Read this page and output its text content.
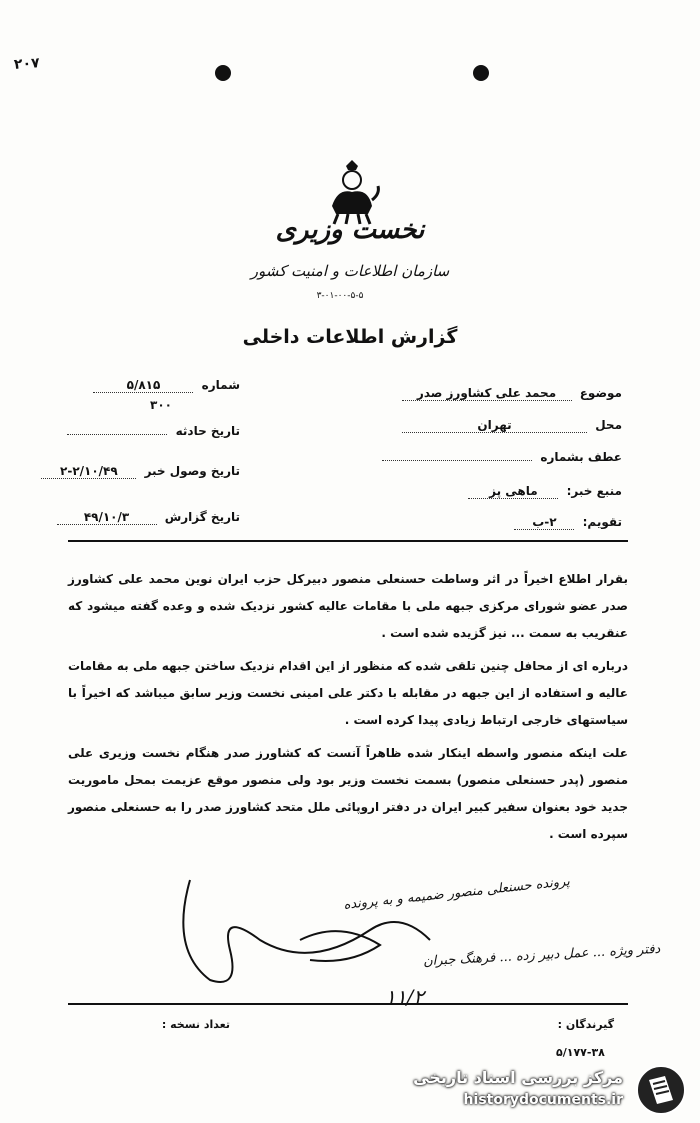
۲۰۷
نخست وزیری
سازمان اطلاعات و امنیت کشور
۳-۰۱-۰۰-۵-۵
گزارش اطلاعات داخلی
موضوع محمد علی کشاورز صدر
محل تهران
عطف بشماره
منبع خبر: ماهی پز
تقویم: ۲-ب
شماره ۵/۸۱۵
۳۰۰
تاریخ حادثه
تاریخ وصول خبر ۲-۲/۱۰/۴۹
تاریخ گزارش ۴۹/۱۰/۳

بقرار اطلاع اخیراً در اثر وساطت حسنعلی منصور دبیرکل حزب ایران نوین محمد علی کشاورز صدر عضو شورای مرکزی جبهه ملی با مقامات عالیه کشور نزدیک شده و وعده گفته میشود که عنقریب به سمت ... نیز گزیده شده است .

درباره ای از محافل چنین تلقی شده که منظور از این اقدام نزدیک ساختن جبهه ملی به مقامات عالیه و استفاده از این جبهه در مقابله با دکتر علی امینی نخست وزیر سابق میباشد که اخیراً با سیاستهای خارجی ارتباط زیادی پیدا کرده است .

علت اینکه منصور واسطه اینکار شده ظاهراً آنست که کشاورز صدر هنگام نخست وزیری علی منصور (پدر حسنعلی منصور) بسمت نخست وزیر بود ولی منصور موقع عزیمت بمحل ماموریت جدید خود بعنوان سفیر کبیر ایران در دفتر اروپائی ملل متحد کشاورز صدر را به حسنعلی منصور سپرده است .

پرونده حسنعلی منصور ضمیمه و به پرونده
دفتر ویژه ... عمل دبیر زده ... فرهنگ جبران
۱۱/۲
گیرندگان :
تعداد نسخه :
۵/۱۷۷-۳۸
مرکز بررسی اسناد تاریخی
historydocuments.ir
